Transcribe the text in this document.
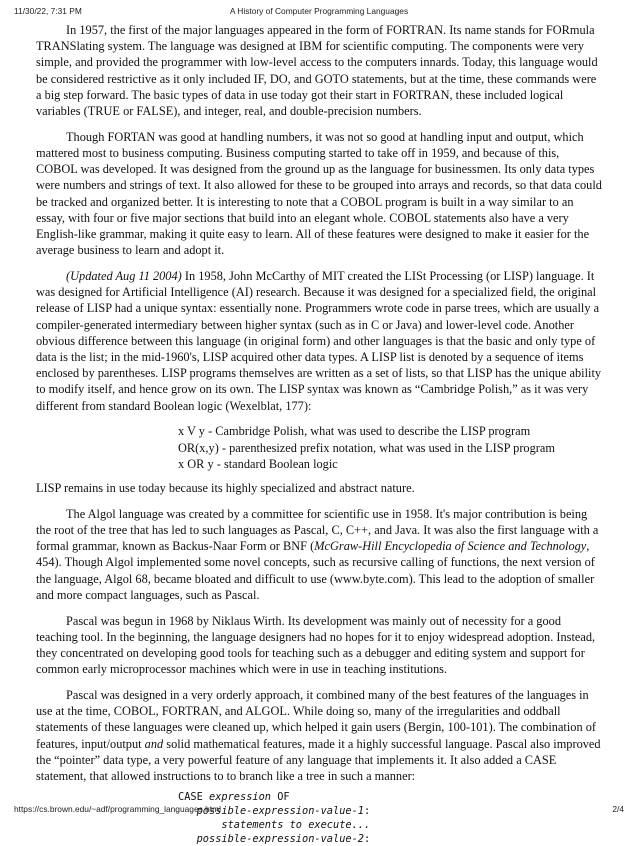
11/30/22, 7:31 PM	A History of Computer Programming Languages

In 1957, the first of the major languages appeared in the form of FORTRAN. Its name stands for FORmula TRANSlating system. The language was designed at IBM for scientific computing. The components were very simple, and provided the programmer with low-level access to the computers innards. Today, this language would be considered restrictive as it only included IF, DO, and GOTO statements, but at the time, these commands were a big step forward. The basic types of data in use today got their start in FORTRAN, these included logical variables (TRUE or FALSE), and integer, real, and double-precision numbers.

Though FORTAN was good at handling numbers, it was not so good at handling input and output, which mattered most to business computing. Business computing started to take off in 1959, and because of this, COBOL was developed. It was designed from the ground up as the language for businessmen. Its only data types were numbers and strings of text. It also allowed for these to be grouped into arrays and records, so that data could be tracked and organized better. It is interesting to note that a COBOL program is built in a way similar to an essay, with four or five major sections that build into an elegant whole. COBOL statements also have a very English-like grammar, making it quite easy to learn. All of these features were designed to make it easier for the average business to learn and adopt it.

(Updated Aug 11 2004) In 1958, John McCarthy of MIT created the LISt Processing (or LISP) language. It was designed for Artificial Intelligence (AI) research. Because it was designed for a specialized field, the original release of LISP had a unique syntax: essentially none. Programmers wrote code in parse trees, which are usually a compiler-generated intermediary between higher syntax (such as in C or Java) and lower-level code. Another obvious difference between this language (in original form) and other languages is that the basic and only type of data is the list; in the mid-1960's, LISP acquired other data types. A LISP list is denoted by a sequence of items enclosed by parentheses. LISP programs themselves are written as a set of lists, so that LISP has the unique ability to modify itself, and hence grow on its own. The LISP syntax was known as “Cambridge Polish,” as it was very different from standard Boolean logic (Wexelblat, 177):

x V y - Cambridge Polish, what was used to describe the LISP program
OR(x,y) - parenthesized prefix notation, what was used in the LISP program
x OR y - standard Boolean logic

LISP remains in use today because its highly specialized and abstract nature.

The Algol language was created by a committee for scientific use in 1958. It's major contribution is being the root of the tree that has led to such languages as Pascal, C, C++, and Java. It was also the first language with a formal grammar, known as Backus-Naar Form or BNF (McGraw-Hill Encyclopedia of Science and Technology, 454). Though Algol implemented some novel concepts, such as recursive calling of functions, the next version of the language, Algol 68, became bloated and difficult to use (www.byte.com). This lead to the adoption of smaller and more compact languages, such as Pascal.

Pascal was begun in 1968 by Niklaus Wirth. Its development was mainly out of necessity for a good teaching tool. In the beginning, the language designers had no hopes for it to enjoy widespread adoption. Instead, they concentrated on developing good tools for teaching such as a debugger and editing system and support for common early microprocessor machines which were in use in teaching institutions.

Pascal was designed in a very orderly approach, it combined many of the best features of the languages in use at the time, COBOL, FORTRAN, and ALGOL. While doing so, many of the irregularities and oddball statements of these languages were cleaned up, which helped it gain users (Bergin, 100-101). The combination of features, input/output and solid mathematical features, made it a highly successful language. Pascal also improved the “pointer” data type, a very powerful feature of any language that implements it. It also added a CASE statement, that allowed instructions to to branch like a tree in such a manner:

CASE expression OF
possible-expression-value-1:
statements to execute...
possible-expression-value-2:
https://cs.brown.edu/~adf/programming_languages.html	2/4
